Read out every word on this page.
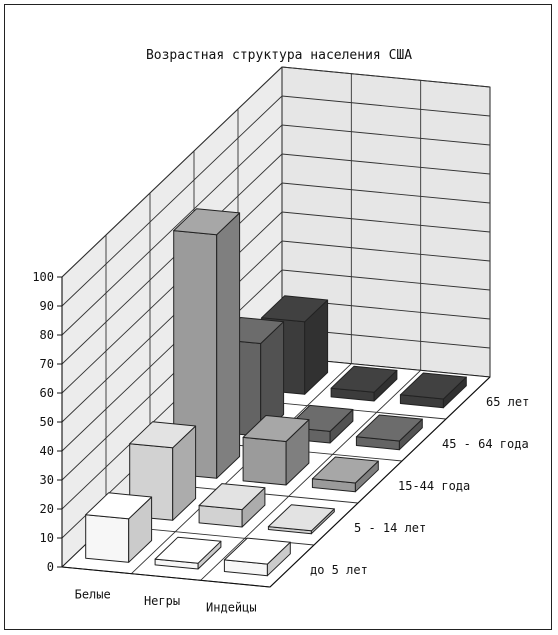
Возрастная структура населения США
0
10
20
30
40
50
60
70
80
90
100
Белые	Негры Индейцы
до 5 лет
5 - 14 лет
15-44 года
45 - 64 года
65 лет
